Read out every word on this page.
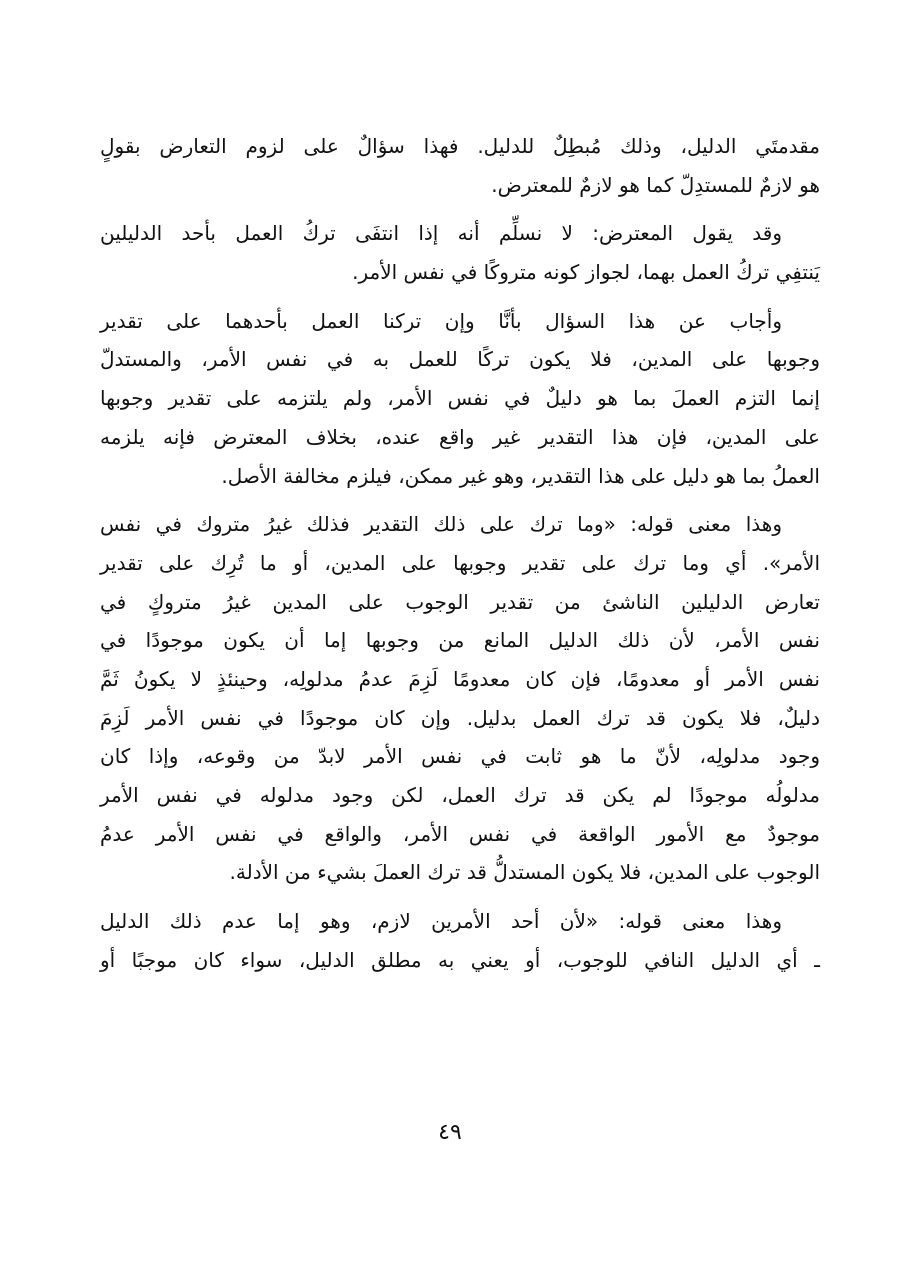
مقدمتَي الدليل، وذلك مُبطِلٌ للدليل. فهذا سؤالٌ على لزوم التعارض بقولٍ
هو لازمٌ للمستدِلّ كما هو لازمٌ للمعترض.
وقد يقول المعترض: لا نسلِّم أنه إذا انتفَى تركُ العمل بأحد الدليلين
يَنتفِي تركُ العمل بهما، لجواز كونه متروكًا في نفس الأمر.
وأجاب عن هذا السؤال بأنَّا وإن تركنا العمل بأحدهما على تقدير
وجوبها على المدين، فلا يكون تركًا للعمل به في نفس الأمر، والمستدلّ
إنما التزم العملَ بما هو دليلٌ في نفس الأمر، ولم يلتزمه على تقدير وجوبها
على المدين، فإن هذا التقدير غير واقع عنده، بخلاف المعترض فإنه يلزمه
العملُ بما هو دليل على هذا التقدير، وهو غير ممكن، فيلزم مخالفة الأصل.
وهذا معنى قوله: «وما ترك على ذلك التقدير فذلك غيرُ متروك في نفس
الأمر». أي وما ترك على تقدير وجوبها على المدين، أو ما تُرِك على تقدير
تعارض الدليلين الناشئ من تقدير الوجوب على المدين غيرُ متروكٍ في
نفس الأمر، لأن ذلك الدليل المانع من وجوبها إما أن يكون موجودًا في
نفس الأمر أو معدومًا، فإن كان معدومًا لَزِمَ عدمُ مدلولِه، وحينئذٍ لا يكونُ ثَمَّ
دليلٌ، فلا يكون قد ترك العمل بدليل. وإن كان موجودًا في نفس الأمر لَزِمَ
وجود مدلولِه، لأنّ ما هو ثابت في نفس الأمر لابدّ من وقوعه، وإذا كان
مدلولُه موجودًا لم يكن قد ترك العمل، لكن وجود مدلوله في نفس الأمر
موجودٌ مع الأمور الواقعة في نفس الأمر، والواقع في نفس الأمر عدمُ
الوجوب على المدين، فلا يكون المستدلُّ قد ترك العملَ بشيء من الأدلة.
وهذا معنى قوله: «لأن أحد الأمرين لازم، وهو إما عدم ذلك الدليل
ـ أي الدليل النافي للوجوب، أو يعني به مطلق الدليل، سواء كان موجبًا أو
٤٩
